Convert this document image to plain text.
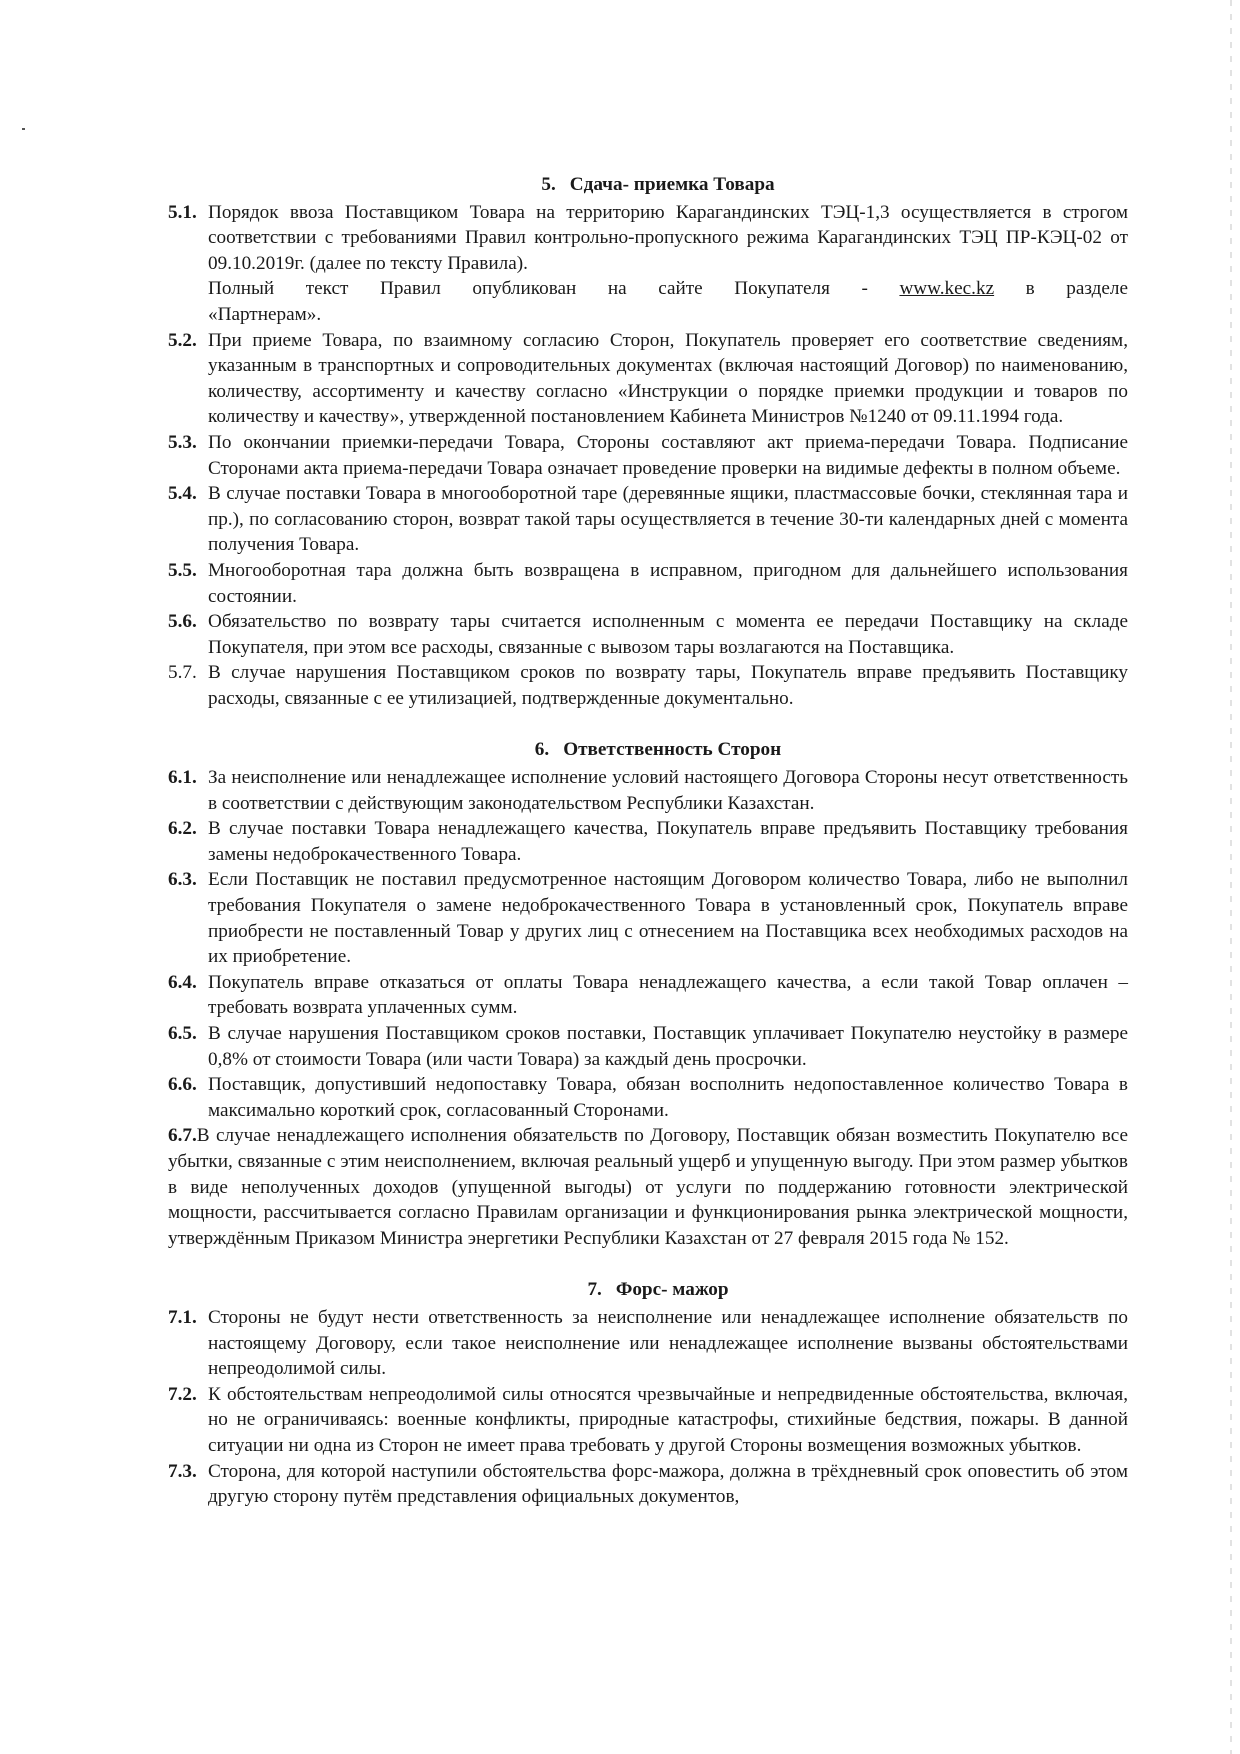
5. Сдача- приемка Товара
5.1. Порядок ввоза Поставщиком Товара на территорию Карагандинских ТЭЦ-1,3 осуществляется в строгом соответствии с требованиями Правил контрольно-пропускного режима Карагандинских ТЭЦ ПР-КЭЦ-02 от 09.10.2019г. (далее по тексту Правила).
Полный текст Правил опубликован на сайте Покупателя - www.kec.kz в разделе
«Партнерам».
5.2. При приеме Товара, по взаимному согласию Сторон, Покупатель проверяет его соответствие сведениям, указанным в транспортных и сопроводительных документах (включая настоящий Договор) по наименованию, количеству, ассортименту и качеству согласно «Инструкции о порядке приемки продукции и товаров по количеству и качеству», утвержденной постановлением Кабинета Министров №1240 от 09.11.1994 года.
5.3. По окончании приемки-передачи Товара, Стороны составляют акт приема-передачи Товара. Подписание Сторонами акта приема-передачи Товара означает проведение проверки на видимые дефекты в полном объеме.
5.4. В случае поставки Товара в многооборотной таре (деревянные ящики, пластмассовые бочки, стеклянная тара и пр.), по согласованию сторон, возврат такой тары осуществляется в течение 30-ти календарных дней с момента получения Товара.
5.5. Многооборотная тара должна быть возвращена в исправном, пригодном для дальнейшего использования состоянии.
5.6. Обязательство по возврату тары считается исполненным с момента ее передачи Поставщику на складе Покупателя, при этом все расходы, связанные с вывозом тары возлагаются на Поставщика.
5.7. В случае нарушения Поставщиком сроков по возврату тары, Покупатель вправе предъявить Поставщику расходы, связанные с ее утилизацией, подтвержденные документально.
6. Ответственность Сторон
6.1. За неисполнение или ненадлежащее исполнение условий настоящего Договора Стороны несут ответственность в соответствии с действующим законодательством Республики Казахстан.
6.2. В случае поставки Товара ненадлежащего качества, Покупатель вправе предъявить Поставщику требования замены недоброкачественного Товара.
6.3. Если Поставщик не поставил предусмотренное настоящим Договором количество Товара, либо не выполнил требования Покупателя о замене недоброкачественного Товара в установленный срок, Покупатель вправе приобрести не поставленный Товар у других лиц с отнесением на Поставщика всех необходимых расходов на их приобретение.
6.4. Покупатель вправе отказаться от оплаты Товара ненадлежащего качества, а если такой Товар оплачен – требовать возврата уплаченных сумм.
6.5. В случае нарушения Поставщиком сроков поставки, Поставщик уплачивает Покупателю неустойку в размере 0,8% от стоимости Товара (или части Товара) за каждый день просрочки.
6.6. Поставщик, допустивший недопоставку Товара, обязан восполнить недопоставленное количество Товара в максимально короткий срок, согласованный Сторонами.
6.7.В случае ненадлежащего исполнения обязательств по Договору, Поставщик обязан возместить Покупателю все убытки, связанные с этим неисполнением, включая реальный ущерб и упущенную выгоду. При этом размер убытков в виде неполученных доходов (упущенной выгоды) от услуги по поддержанию готовности электрической мощности, рассчитывается согласно Правилам организации и функционирования рынка электрической мощности, утверждённым Приказом Министра энергетики Республики Казахстан от 27 февраля 2015 года № 152.
7. Форс- мажор
7.1. Стороны не будут нести ответственность за неисполнение или ненадлежащее исполнение обязательств по настоящему Договору, если такое неисполнение или ненадлежащее исполнение вызваны обстоятельствами непреодолимой силы.
7.2. К обстоятельствам непреодолимой силы относятся чрезвычайные и непредвиденные обстоятельства, включая, но не ограничиваясь: военные конфликты, природные катастрофы, стихийные бедствия, пожары. В данной ситуации ни одна из Сторон не имеет права требовать у другой Стороны возмещения возможных убытков.
7.3. Сторона, для которой наступили обстоятельства форс-мажора, должна в трёхдневный срок оповестить об этом другую сторону путём представления официальных документов,
